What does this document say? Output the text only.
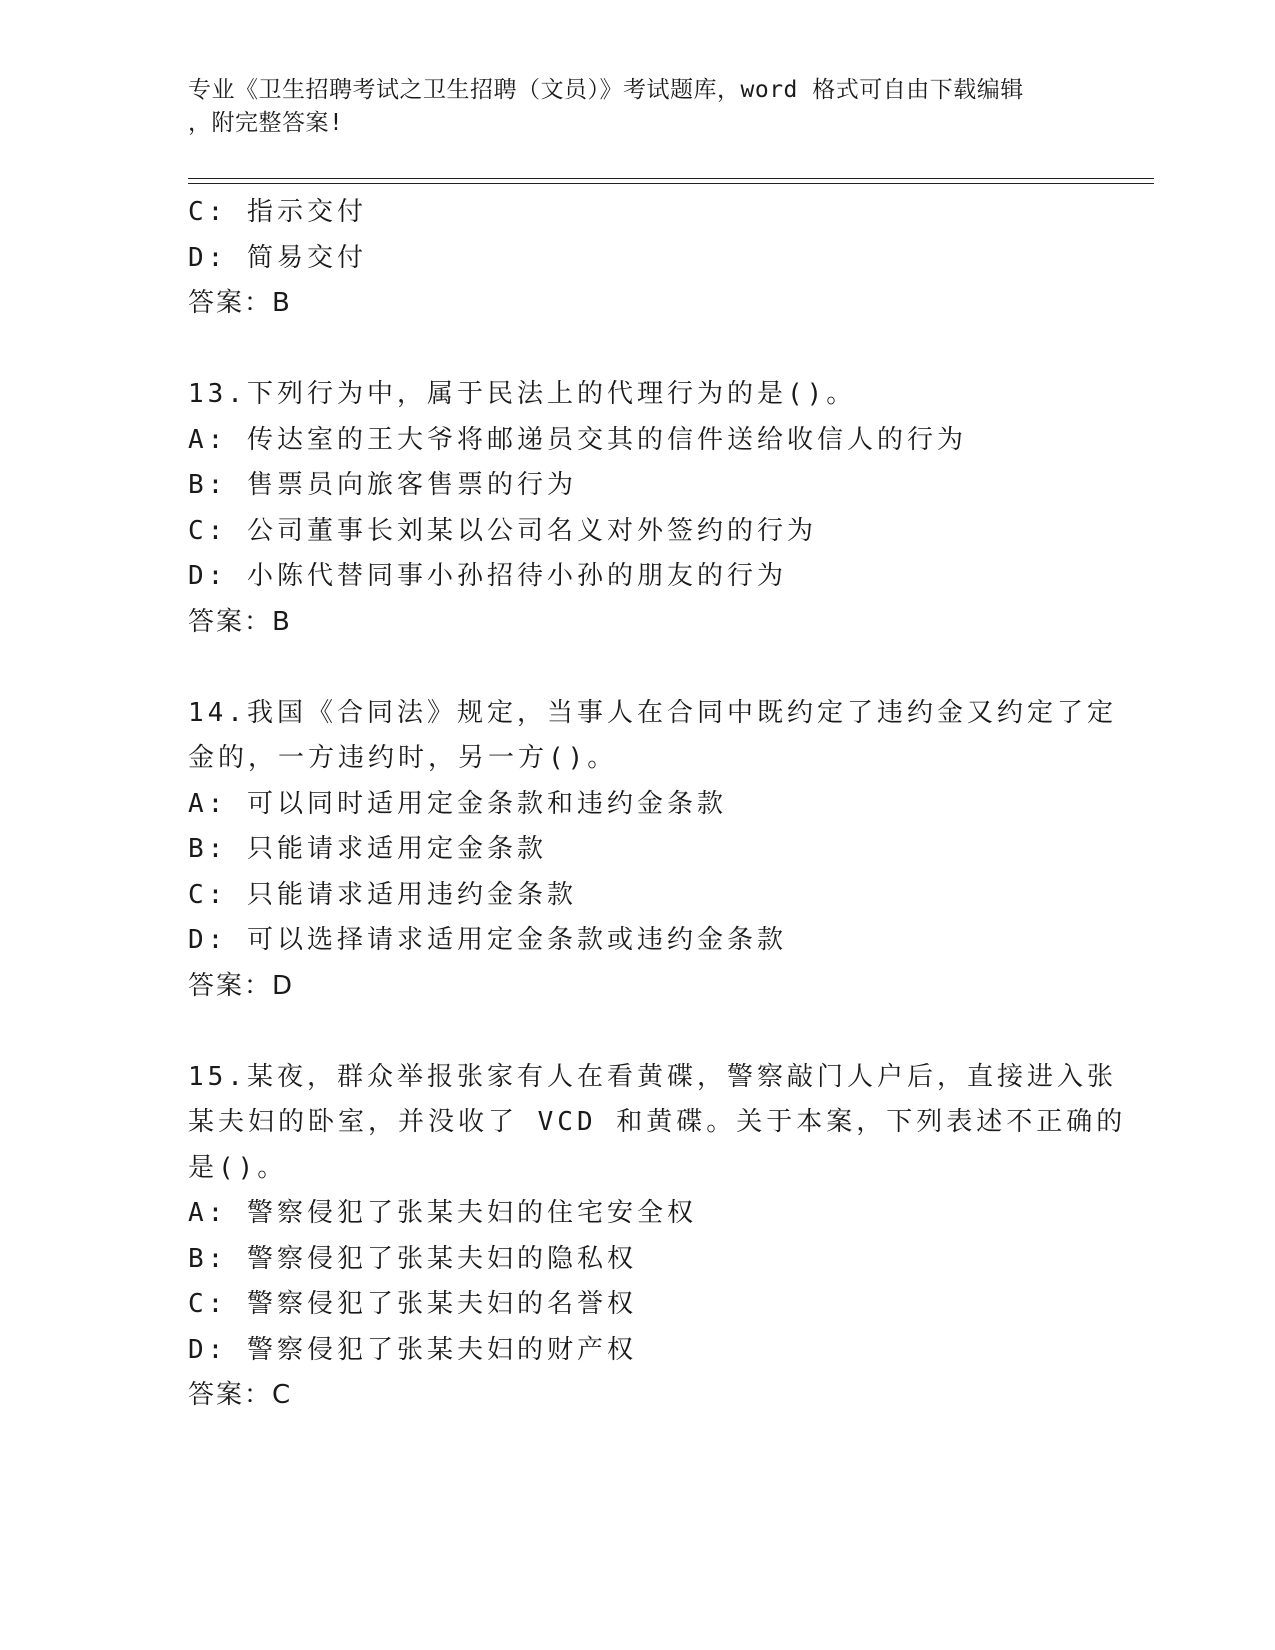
专业《卫生招聘考试之卫生招聘（文员）》考试题库，word 格式可自由下载编辑
，附完整答案!
C: 指示交付
D: 简易交付
答案：B
13.下列行为中，属于民法上的代理行为的是()。
A: 传达室的王大爷将邮递员交其的信件送给收信人的行为
B: 售票员向旅客售票的行为
C: 公司董事长刘某以公司名义对外签约的行为
D: 小陈代替同事小孙招待小孙的朋友的行为
答案：B
14.我国《合同法》规定，当事人在合同中既约定了违约金又约定了定
金的，一方违约时，另一方()。
A: 可以同时适用定金条款和违约金条款
B: 只能请求适用定金条款
C: 只能请求适用违约金条款
D: 可以选择请求适用定金条款或违约金条款
答案：D
15.某夜，群众举报张家有人在看黄碟，警察敲门人户后，直接进入张
某夫妇的卧室，并没收了 VCD 和黄碟。关于本案，下列表述不正确的
是()。
A: 警察侵犯了张某夫妇的住宅安全权
B: 警察侵犯了张某夫妇的隐私权
C: 警察侵犯了张某夫妇的名誉权
D: 警察侵犯了张某夫妇的财产权
答案：C
